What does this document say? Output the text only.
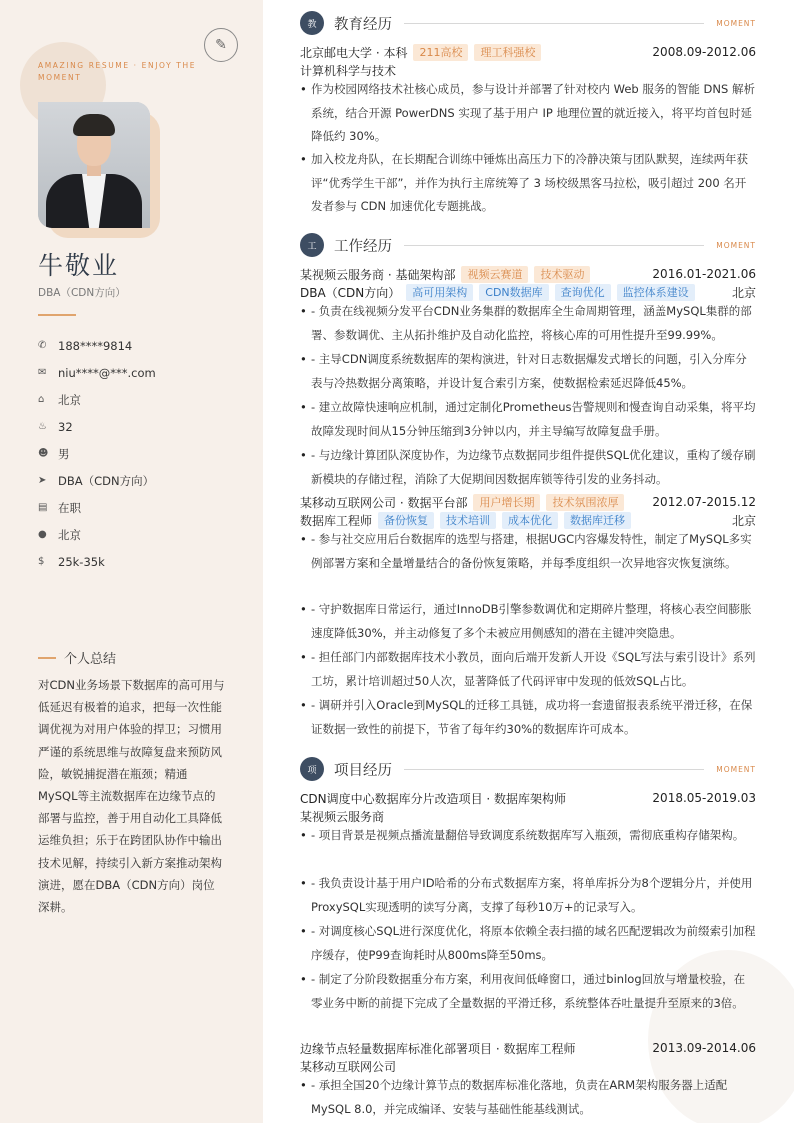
AMAZING RESUME · ENJOY THE MOMENT
✎
牛敬业
DBA（CDN方向）
✆	188****9814
✉	niu****@***.com
⌂	北京
♨ 32
☻ 男
➤	DBA（CDN方向）
▤ 在职
● 北京
$	25k-35k
个人总结
对CDN业务场景下数据库的高可用与低延迟有极着的追求，把每一次性能调优视为对用户体验的捍卫；习惯用严谨的系统思维与故障复盘来预防风险，敏锐捕捉潜在瓶颈；精通MySQL等主流数据库在边缘节点的部署与监控，善于用自动化工具降低运维负担；乐于在跨团队协作中输出技术见解，持续引入新方案推动架构演进，愿在DBA（CDN方向）岗位深耕。
教	教育经历	MOMENT
北京邮电大学 · 本科	211高校	理工科强校	2008.09-2012.06
计算机科学与技术
• 作为校园网络技术社核心成员，参与设计并部署了针对校内 Web 服务的智能 DNS 解析系统，结合开源 PowerDNS 实现了基于用户 IP 地理位置的就近接入，将平均首包时延降低约 30%。
• 加入校龙舟队，在长期配合训练中锤炼出高压力下的冷静决策与团队默契，连续两年获评“优秀学生干部”，并作为执行主席统筹了 3 场校级黑客马拉松，吸引超过 200 名开发者参与 CDN 加速优化专题挑战。
工	工作经历	MOMENT
某视频云服务商 · 基础架构部	视频云赛道	技术驱动	2016.01-2021.06
DBA（CDN方向）	高可用架构	CDN数据库	查询优化	监控体系建设	北京
• - 负责在线视频分发平台CDN业务集群的数据库全生命周期管理，涵盖MySQL集群的部署、参数调优、主从拓扑维护及自动化监控，将核心库的可用性提升至99.99%。
• - 主导CDN调度系统数据库的架构演进，针对日志数据爆发式增长的问题，引入分库分表与冷热数据分离策略，并设计复合索引方案，使数据检索延迟降低45%。
• - 建立故障快速响应机制，通过定制化Prometheus告警规则和慢查询自动采集，将平均故障发现时间从15分钟压缩到3分钟以内，并主导编写故障复盘手册。
• - 与边缘计算团队深度协作，为边缘节点数据同步组件提供SQL优化建议，重构了缓存刷新模块的存储过程，消除了大促期间因数据库锁等待引发的业务抖动。
某移动互联网公司 · 数据平台部	用户增长期	技术氛围浓厚	2012.07-2015.12
数据库工程师	备份恢复	技术培训	成本优化	数据库迁移	北京
• - 参与社交应用后台数据库的选型与搭建，根据UGC内容爆发特性，制定了MySQL多实例部署方案和全量增量结合的备份恢复策略，并每季度组织一次异地容灾恢复演练。
• - 守护数据库日常运行，通过InnoDB引擎参数调优和定期碎片整理，将核心表空间膨胀速度降低30%，并主动修复了多个未被应用侧感知的潜在主键冲突隐患。
• - 担任部门内部数据库技术小教员，面向后端开发新人开设《SQL写法与索引设计》系列工坊，累计培训超过50人次，显著降低了代码评审中发现的低效SQL占比。
• - 调研并引入Oracle到MySQL的迁移工具链，成功将一套遗留报表系统平滑迁移，在保证数据一致性的前提下，节省了每年约30%的数据库许可成本。
项	项目经历	MOMENT
CDN调度中心数据库分片改造项目 · 数据库架构师	2018.05-2019.03
某视频云服务商
• - 项目背景是视频点播流量翻倍导致调度系统数据库写入瓶颈，需彻底重构存储架构。
• - 我负责设计基于用户ID哈希的分布式数据库方案，将单库拆分为8个逻辑分片，并使用ProxySQL实现透明的读写分离，支撑了每秒10万+的记录写入。
• - 对调度核心SQL进行深度优化，将原本依赖全表扫描的域名匹配逻辑改为前缀索引加程序缓存，使P99查询耗时从800ms降至50ms。
• - 制定了分阶段数据重分布方案，利用夜间低峰窗口，通过binlog回放与增量校验，在零业务中断的前提下完成了全量数据的平滑迁移，系统整体吞吐量提升至原来的3倍。
边缘节点轻量数据库标准化部署项目 · 数据库工程师	2013.09-2014.06
某移动互联网公司
• - 承担全国20个边缘计算节点的数据库标准化落地，负责在ARM架构服务器上适配MySQL 8.0，并完成编译、安装与基础性能基线测试。
